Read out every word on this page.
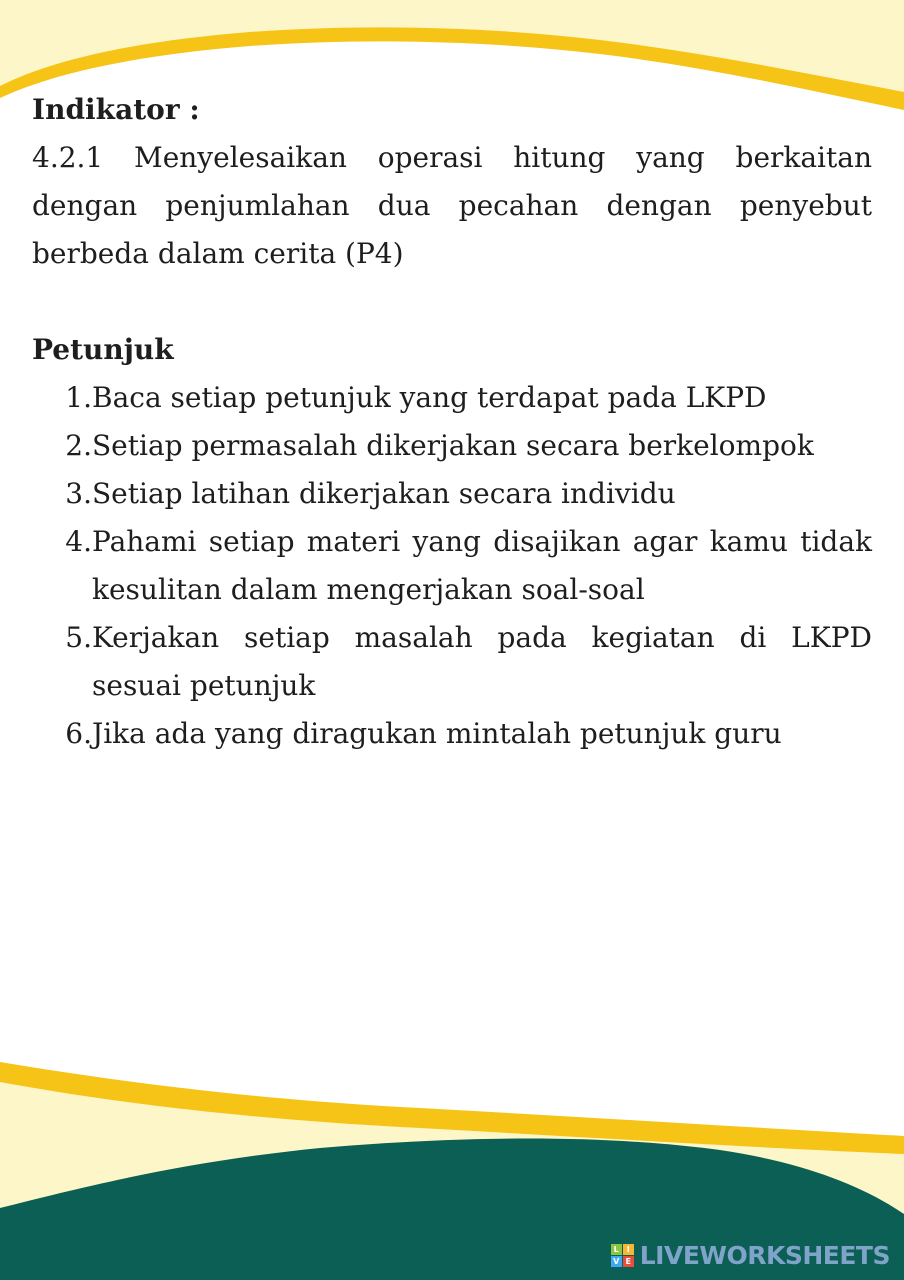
Indikator :

4.2.1 Menyelesaikan operasi hitung yang berkaitan dengan penjumlahan dua pecahan dengan penyebut berbeda dalam cerita (P4)

Petunjuk

1. Baca setiap petunjuk yang terdapat pada LKPD
2. Setiap permasalah dikerjakan secara berkelompok
3. Setiap latihan dikerjakan secara individu
4. Pahami setiap materi yang disajikan agar kamu tidak kesulitan dalam mengerjakan soal-soal
5. Kerjakan setiap masalah pada kegiatan di LKPD sesuai petunjuk
6. Jika ada yang diragukan mintalah petunjuk guru
L I
V E LIVEWORKSHEETS
